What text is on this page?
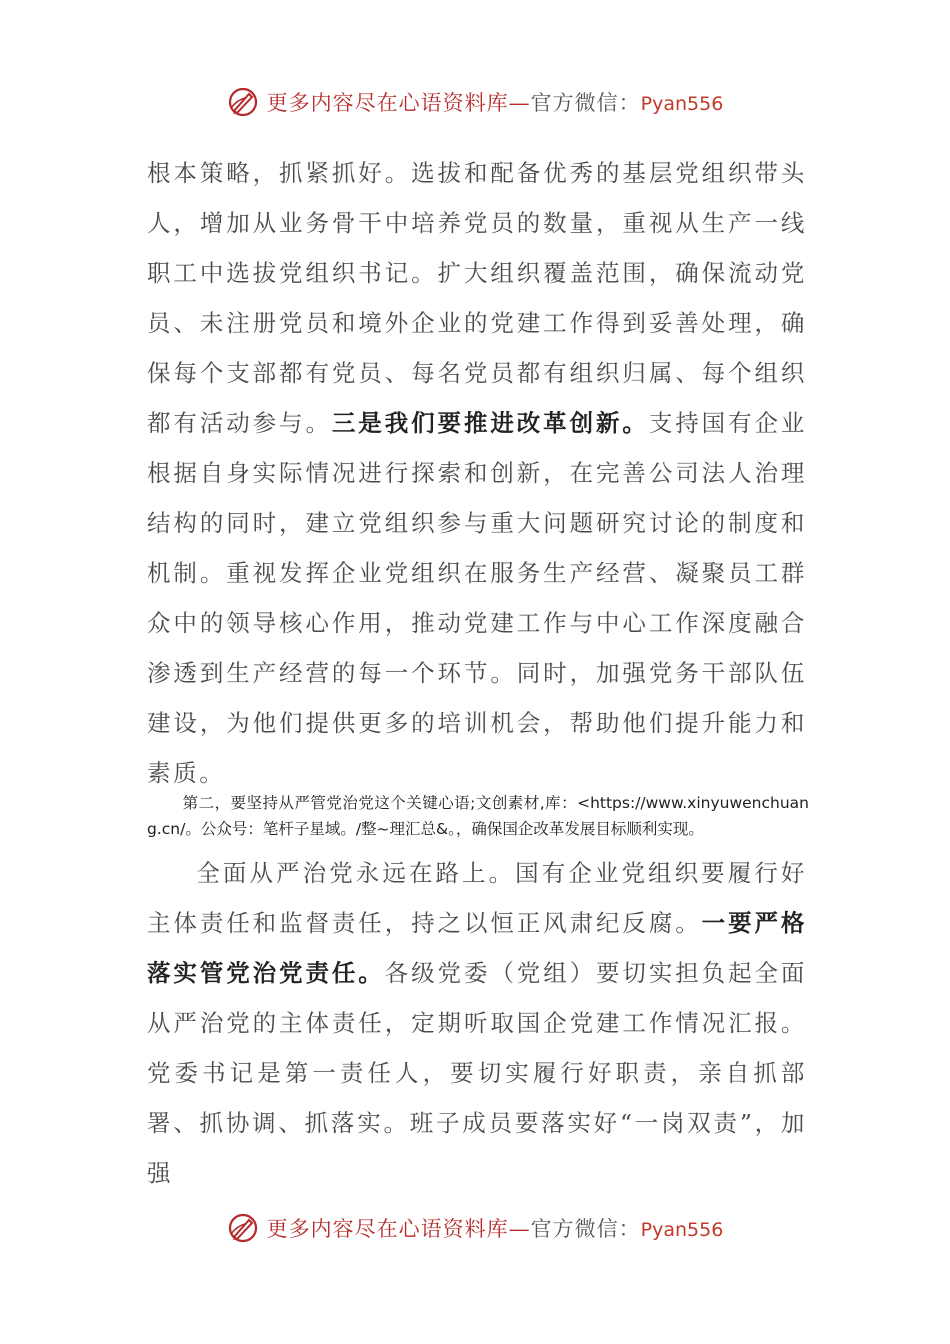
更多内容尽在心语资料库—官方微信：Pyan556

根本策略，抓紧抓好。选拔和配备优秀的基层党组织带头人，增加从业务骨干中培养党员的数量，重视从生产一线职工中选拔党组织书记。扩大组织覆盖范围，确保流动党员、未注册党员和境外企业的党建工作得到妥善处理，确保每个支部都有党员、每名党员都有组织归属、每个组织都有活动参与。三是我们要推进改革创新。支持国有企业根据自身实际情况进行探索和创新，在完善公司法人治理结构的同时，建立党组织参与重大问题研究讨论的制度和机制。重视发挥企业党组织在服务生产经营、凝聚员工群众中的领导核心作用，推动党建工作与中心工作深度融合渗透到生产经营的每一个环节。同时，加强党务干部队伍建设，为他们提供更多的培训机会，帮助他们提升能力和素质。

第二，要坚持从严管党治党这个关键心语;文创素材,库：<https://www.xinyuwenchuang.cn/。公众号：笔杆子星域。/整~理汇总&。，确保国企改革发展目标顺利实现。

全面从严治党永远在路上。国有企业党组织要履行好主体责任和监督责任，持之以恒正风肃纪反腐。一要严格落实管党治党责任。各级党委（党组）要切实担负起全面从严治党的主体责任，定期听取国企党建工作情况汇报。党委书记是第一责任人，要切实履行好职责，亲自抓部署、抓协调、抓落实。班子成员要落实好“一岗双责”，加强

更多内容尽在心语资料库—官方微信：Pyan556
